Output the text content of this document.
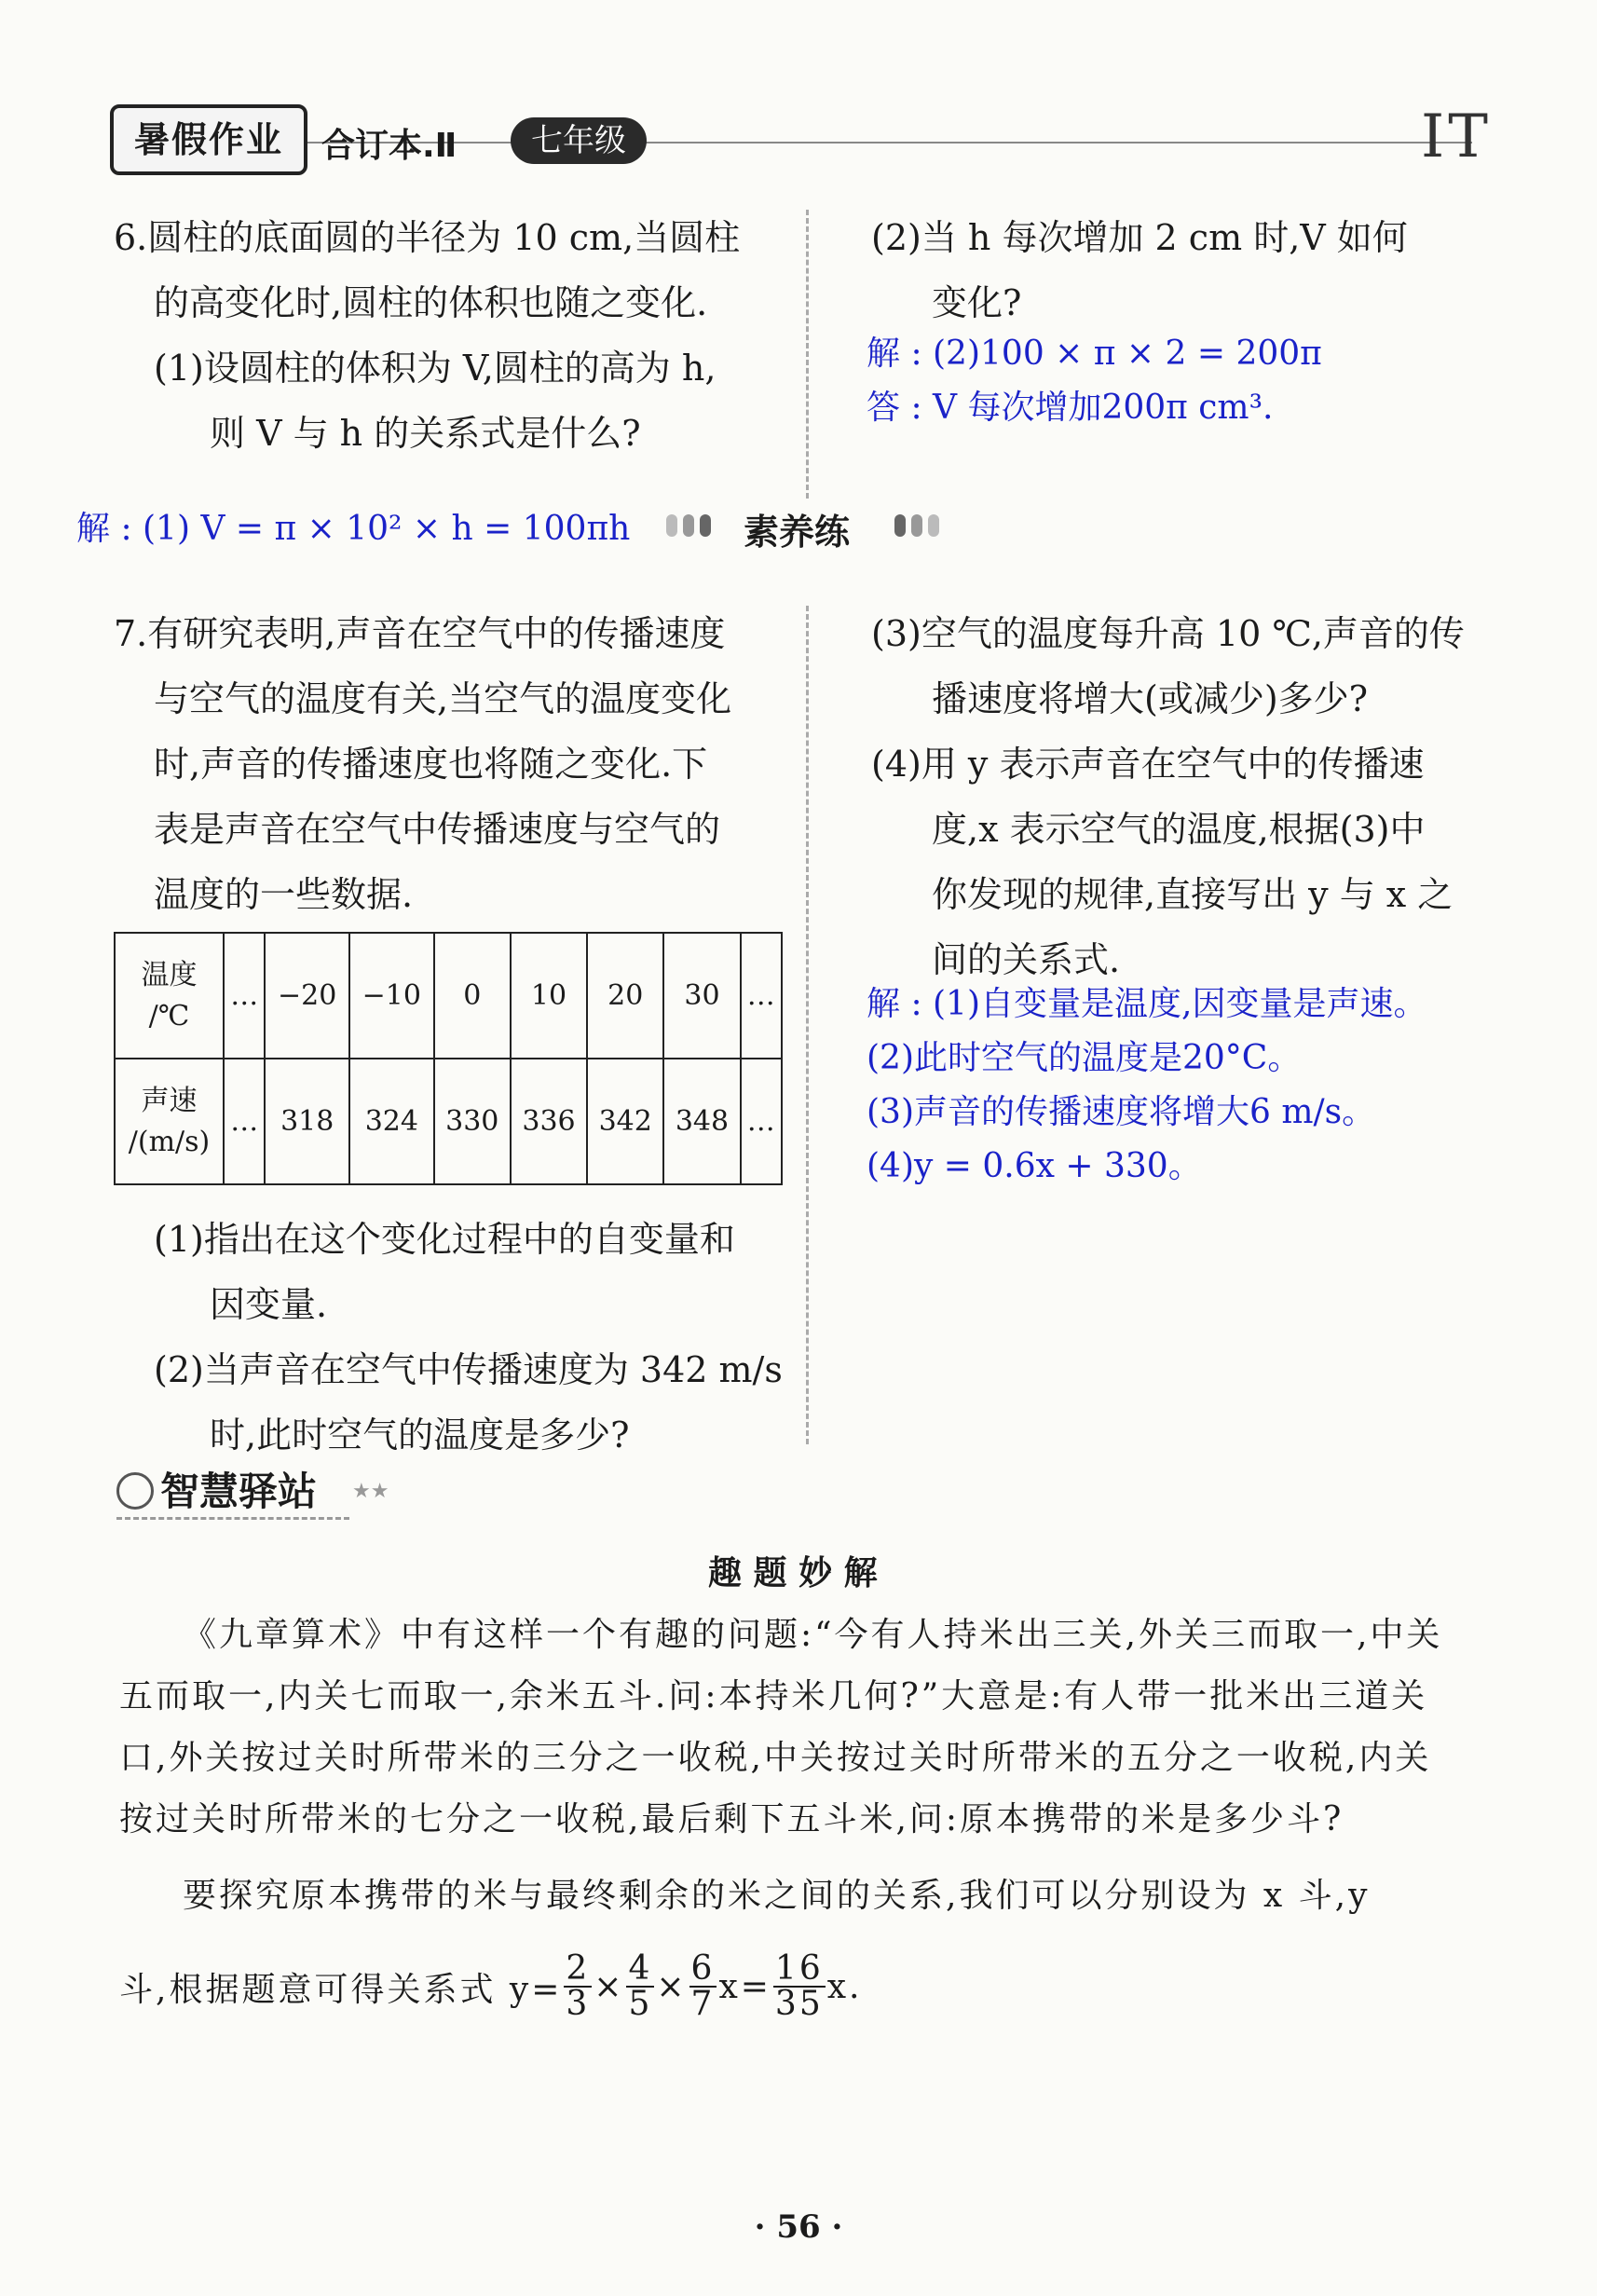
暑假作业	合订本.Ⅱ	七年级	IT
6.圆柱的底面圆的半径为 10 cm,当圆柱
的高变化时,圆柱的体积也随之变化.
(1)设圆柱的体积为 V,圆柱的高为 h,
则 V 与 h 的关系式是什么?
(2)当 h 每次增加 2 cm 时,V 如何
变化?
解 : (2)100 × π × 2 = 200π
答 : V 每次增加200π cm³.
解 : (1) V = π × 10² × h = 100πh	素养练
7.有研究表明,声音在空气中的传播速度
与空气的温度有关,当空气的温度变化
时,声音的传播速度也将随之变化.下
表是声音在空气中传播速度与空气的
温度的一些数据.
温度
/℃	…	−20	−10	0	10	20	30	…

声速
/(m/s)	…	318	324	330	336	342	348	…
(1)指出在这个变化过程中的自变量和
因变量.
(2)当声音在空气中传播速度为 342 m/s
时,此时空气的温度是多少?
(3)空气的温度每升高 10 ℃,声音的传
播速度将增大(或减少)多少?
(4)用 y 表示声音在空气中的传播速
度,x 表示空气的温度,根据(3)中
你发现的规律,直接写出 y 与 x 之
间的关系式.
解 : (1)自变量是温度,因变量是声速。
(2)此时空气的温度是20°C。
(3)声音的传播速度将增大6 m/s。
(4)y = 0.6x + 330。
智慧驿站 ★★
趣 题 妙 解
《九章算术》中有这样一个有趣的问题:“今有人持米出三关,外关三而取一,中关
五而取一,内关七而取一,余米五斗.问:本持米几何?”大意是:有人带一批米出三道关
口,外关按过关时所带米的三分之一收税,中关按过关时所带米的五分之一收税,内关
按过关时所带米的七分之一收税,最后剩下五斗米,问:原本携带的米是多少斗?
要探究原本携带的米与最终剩余的米之间的关系,我们可以分别设为 x 斗,y
斗,根据题意可得关系式 $y= \frac{2}{3} \times \frac{4}{5} \times \frac{6}{7} x= \frac{16}{35} x$.
· 56 ·
